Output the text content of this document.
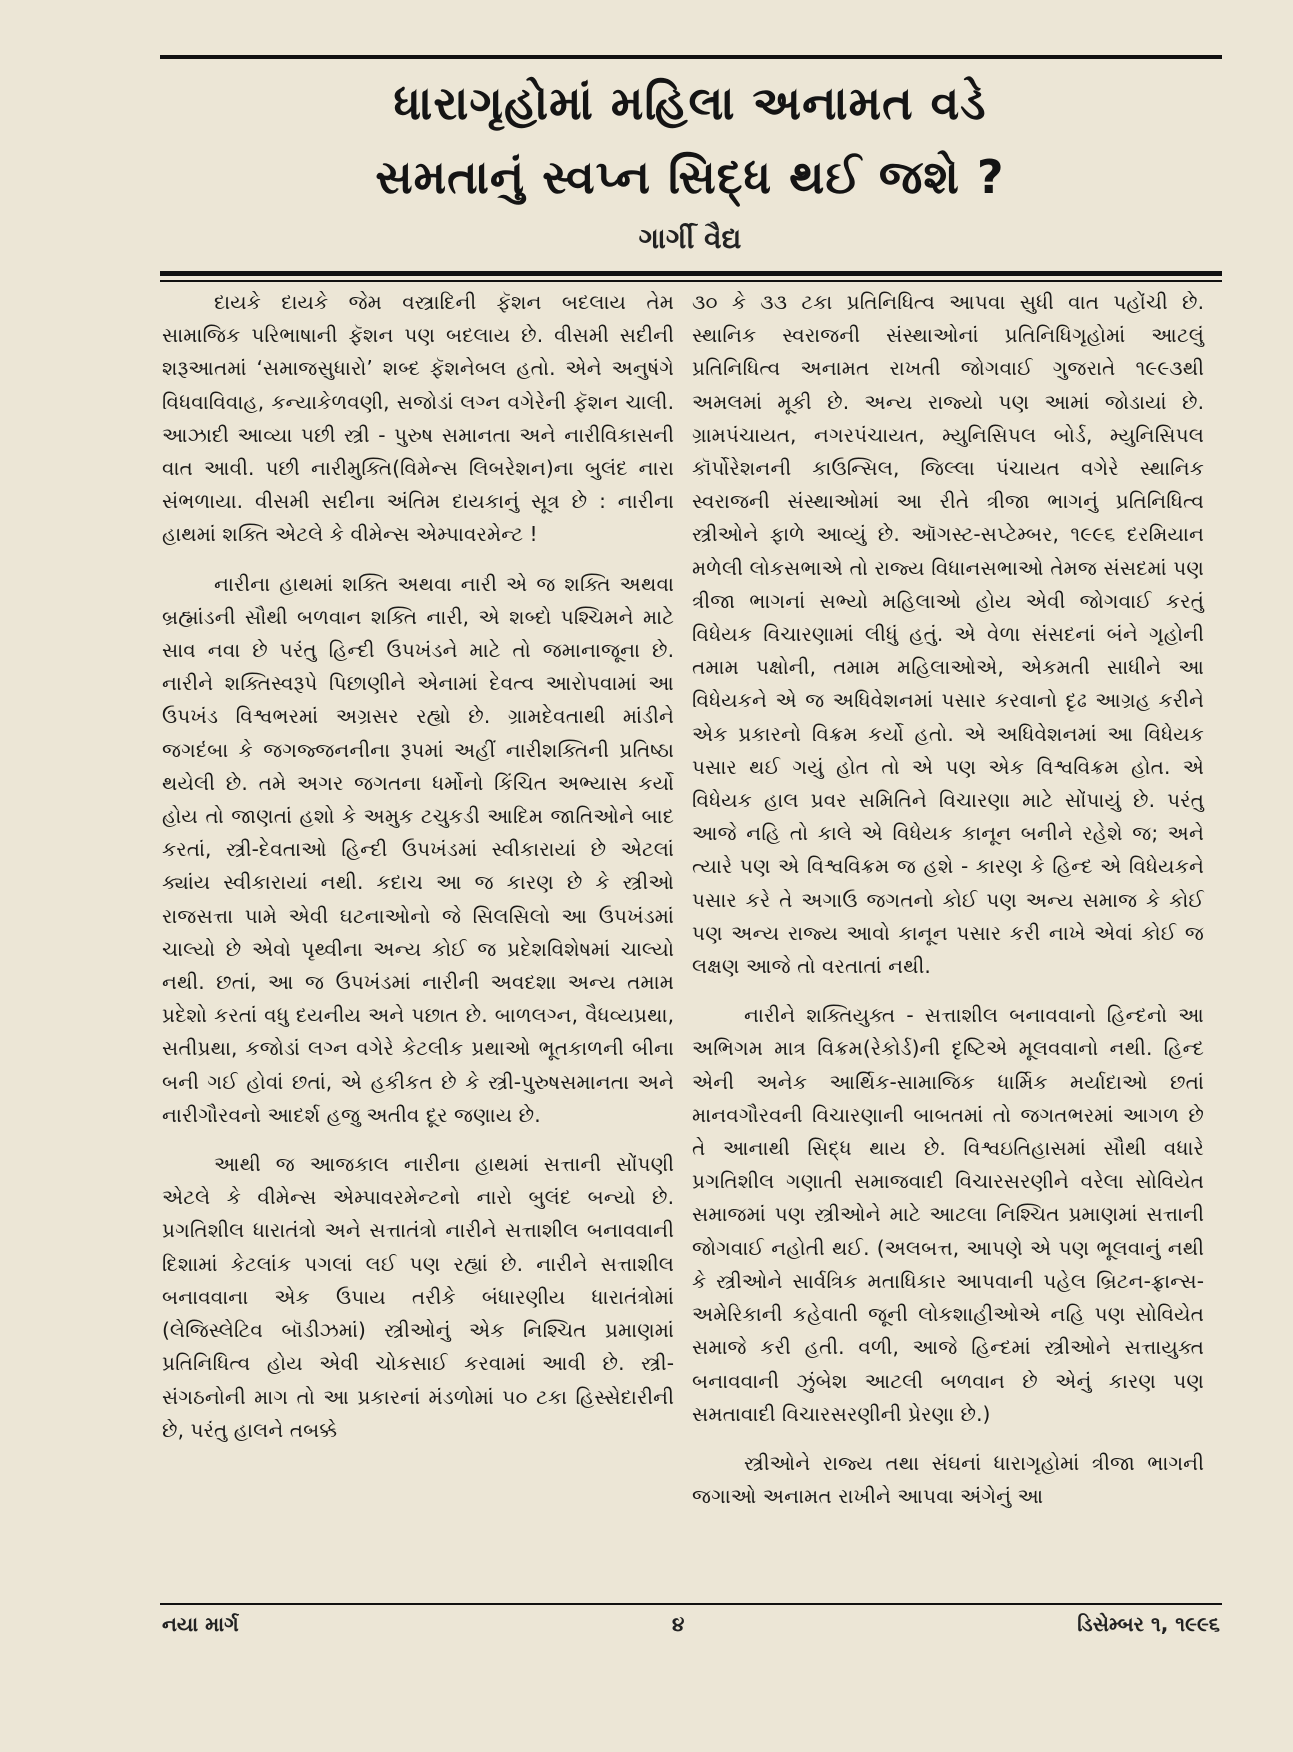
ધારાગૃહોમાં મહિલા અનામત વડે
સમતાનું સ્વપ્ન સિદ્ધ થઈ જશે ?
ગાર્ગી વૈદ્ય

દાયકે દાયકે જેમ વસ્ત્રાદિની ફૅશન બદલાય તેમ સામાજિક પરિભાષાની ફૅશન પણ બદલાય છે. વીસમી સદીની શરૂઆતમાં ‘સમાજસુધારો’ શબ્દ ફૅશનેબલ હતો. એને અનુષંગે વિધવાવિવાહ, કન્યાકેળવણી, સજોડાં લગ્ન વગેરેની ફૅશન ચાલી. આઝાદી આવ્યા પછી સ્ત્રી - પુરુષ સમાનતા અને નારીવિકાસની વાત આવી. પછી નારીમુક્તિ(વિમેન્સ લિબરેશન)ના બુલંદ નારા સંભળાયા. વીસમી સદીના અંતિમ દાયકાનું સૂત્ર છે : નારીના હાથમાં શક્તિ એટલે કે વીમેન્સ એમ્પાવરમેન્ટ !

નારીના હાથમાં શક્તિ અથવા નારી એ જ શક્તિ અથવા બ્રહ્માંડની સૌથી બળવાન શક્તિ નારી, એ શબ્દો પશ્ચિમને માટે સાવ નવા છે પરંતુ હિન્દી ઉપખંડને માટે તો જમાનાજૂના છે. નારીને શક્તિસ્વરૂપે પિછાણીને એનામાં દેવત્વ આરોપવામાં આ ઉપખંડ વિશ્વભરમાં અગ્રસર રહ્યો છે. ગ્રામદેવતાથી માંડીને જગદંબા કે જગજ્જનનીના રૂપમાં અહીં નારીશક્તિની પ્રતિષ્ઠા થયેલી છે. તમે અગર જગતના ધર્મોનો કિંચિત અભ્યાસ કર્યો હોય તો જાણતાં હશો કે અમુક ટચુકડી આદિમ જાતિઓને બાદ કરતાં, સ્ત્રી-દેવતાઓ હિન્દી ઉપખંડમાં સ્વીકારાયાં છે એટલાં ક્યાંય સ્વીકારાયાં નથી. કદાચ આ જ કારણ છે કે સ્ત્રીઓ રાજસત્તા પામે એવી ઘટનાઓનો જે સિલસિલો આ ઉપખંડમાં ચાલ્યો છે એવો પૃથ્વીના અન્ય કોઈ જ પ્રદેશવિશેષમાં ચાલ્યો નથી. છતાં, આ જ ઉપખંડમાં નારીની અવદશા અન્ય તમામ પ્રદેશો કરતાં વધુ દયનીય અને પછાત છે. બાળલગ્ન, વૈધવ્યપ્રથા, સતીપ્રથા, કજોડાં લગ્ન વગેરે કેટલીક પ્રથાઓ ભૂતકાળની બીના બની ગઈ હોવાં છતાં, એ હકીકત છે કે સ્ત્રી-પુરુષસમાનતા અને નારીગૌરવનો આદર્શ હજુ અતીવ દૂર જણાય છે.

આથી જ આજકાલ નારીના હાથમાં સત્તાની સોંપણી એટલે કે વીમેન્સ એમ્પાવરમેન્ટનો નારો બુલંદ બન્યો છે. પ્રગતિશીલ ધારાતંત્રો અને સત્તાતંત્રો નારીને સત્તાશીલ બનાવવાની દિશામાં કેટલાંક પગલાં લઈ પણ રહ્યાં છે. નારીને સત્તાશીલ બનાવવાના એક ઉપાય તરીકે બંધારણીય ધારાતંત્રોમાં (લેજિસ્લેટિવ બૉડીઝમાં) સ્ત્રીઓનું એક નિશ્ચિત પ્રમાણમાં પ્રતિનિધિત્વ હોય એવી ચોકસાઈ કરવામાં આવી છે. સ્ત્રી-સંગઠનોની માગ તો આ પ્રકારનાં મંડળોમાં ૫૦ ટકા હિસ્સેદારીની છે, પરંતુ હાલને તબક્કે

૩૦ કે ૩૩ ટકા પ્રતિનિધિત્વ આપવા સુધી વાત પહોંચી છે. સ્થાનિક સ્વરાજની સંસ્થાઓનાં પ્રતિનિધિગૃહોમાં આટલું પ્રતિનિધિત્વ અનામત રાખતી જોગવાઈ ગુજરાતે ૧૯૯૩થી અમલમાં મૂકી છે. અન્ય રાજ્યો પણ આમાં જોડાયાં છે. ગ્રામપંચાયત, નગરપંચાયત, મ્યુનિસિપલ બોર્ડ, મ્યુનિસિપલ કૉર્પોરેશનની કાઉન્સિલ, જિલ્લા પંચાયત વગેરે સ્થાનિક સ્વરાજની સંસ્થાઓમાં આ રીતે ત્રીજા ભાગનું પ્રતિનિધિત્વ સ્ત્રીઓને ફાળે આવ્યું છે. ઑગસ્ટ-સપ્ટેમ્બર, ૧૯૯૬ દરમિયાન મળેલી લોકસભાએ તો રાજ્ય વિધાનસભાઓ તેમજ સંસદમાં પણ ત્રીજા ભાગનાં સભ્યો મહિલાઓ હોય એવી જોગવાઈ કરતું વિધેયક વિચારણામાં લીધું હતું. એ વેળા સંસદનાં બંને ગૃહોની તમામ પક્ષોની, તમામ મહિલાઓએ, એકમતી સાધીને આ વિધેયકને એ જ અધિવેશનમાં પસાર કરવાનો દૃઢ આગ્રહ કરીને એક પ્રકારનો વિક્રમ કર્યો હતો. એ અધિવેશનમાં આ વિધેયક પસાર થઈ ગયું હોત તો એ પણ એક વિશ્વવિક્રમ હોત. એ વિધેયક હાલ પ્રવર સમિતિને વિચારણા માટે સોંપાયું છે. પરંતુ આજે નહિ તો કાલે એ વિધેયક કાનૂન બનીને રહેશે જ; અને ત્યારે પણ એ વિશ્વવિક્રમ જ હશે - કારણ કે હિન્દ એ વિધેયકને પસાર કરે તે અગાઉ જગતનો કોઈ પણ અન્ય સમાજ કે કોઈ પણ અન્ય રાજ્ય આવો કાનૂન પસાર કરી નાખે એવાં કોઈ જ લક્ષણ આજે તો વરતાતાં નથી.

નારીને શક્તિયુક્ત - સત્તાશીલ બનાવવાનો હિન્દનો આ અભિગમ માત્ર વિક્રમ(રેકોર્ડ)ની દૃષ્ટિએ મૂલવવાનો નથી. હિન્દ એની અનેક આર્થિક-સામાજિક ધાર્મિક મર્યાદાઓ છતાં માનવગૌરવની વિચારણાની બાબતમાં તો જગતભરમાં આગળ છે તે આનાથી સિદ્ધ થાય છે. વિશ્વઇતિહાસમાં સૌથી વધારે પ્રગતિશીલ ગણાતી સમાજવાદી વિચારસરણીને વરેલા સોવિયેત સમાજમાં પણ સ્ત્રીઓને માટે આટલા નિશ્ચિત પ્રમાણમાં સત્તાની જોગવાઈ નહોતી થઈ. (અલબત્ત, આપણે એ પણ ભૂલવાનું નથી કે સ્ત્રીઓને સાર્વત્રિક મતાધિકાર આપવાની પહેલ બ્રિટન-ફ્રાન્સ-અમેરિકાની કહેવાતી જૂની લોકશાહીઓએ નહિ પણ સોવિયેત સમાજે કરી હતી. વળી, આજે હિન્દમાં સ્ત્રીઓને સત્તાયુક્ત બનાવવાની ઝુંબેશ આટલી બળવાન છે એનું કારણ પણ સમતાવાદી વિચારસરણીની પ્રેરણા છે.)

સ્ત્રીઓને રાજ્ય તથા સંઘનાં ધારાગૃહોમાં ત્રીજા ભાગની જગાઓ અનામત રાખીને આપવા અંગેનું આ

નયા માર્ગ	૪	ડિસેમ્બર ૧, ૧૯૯૬
